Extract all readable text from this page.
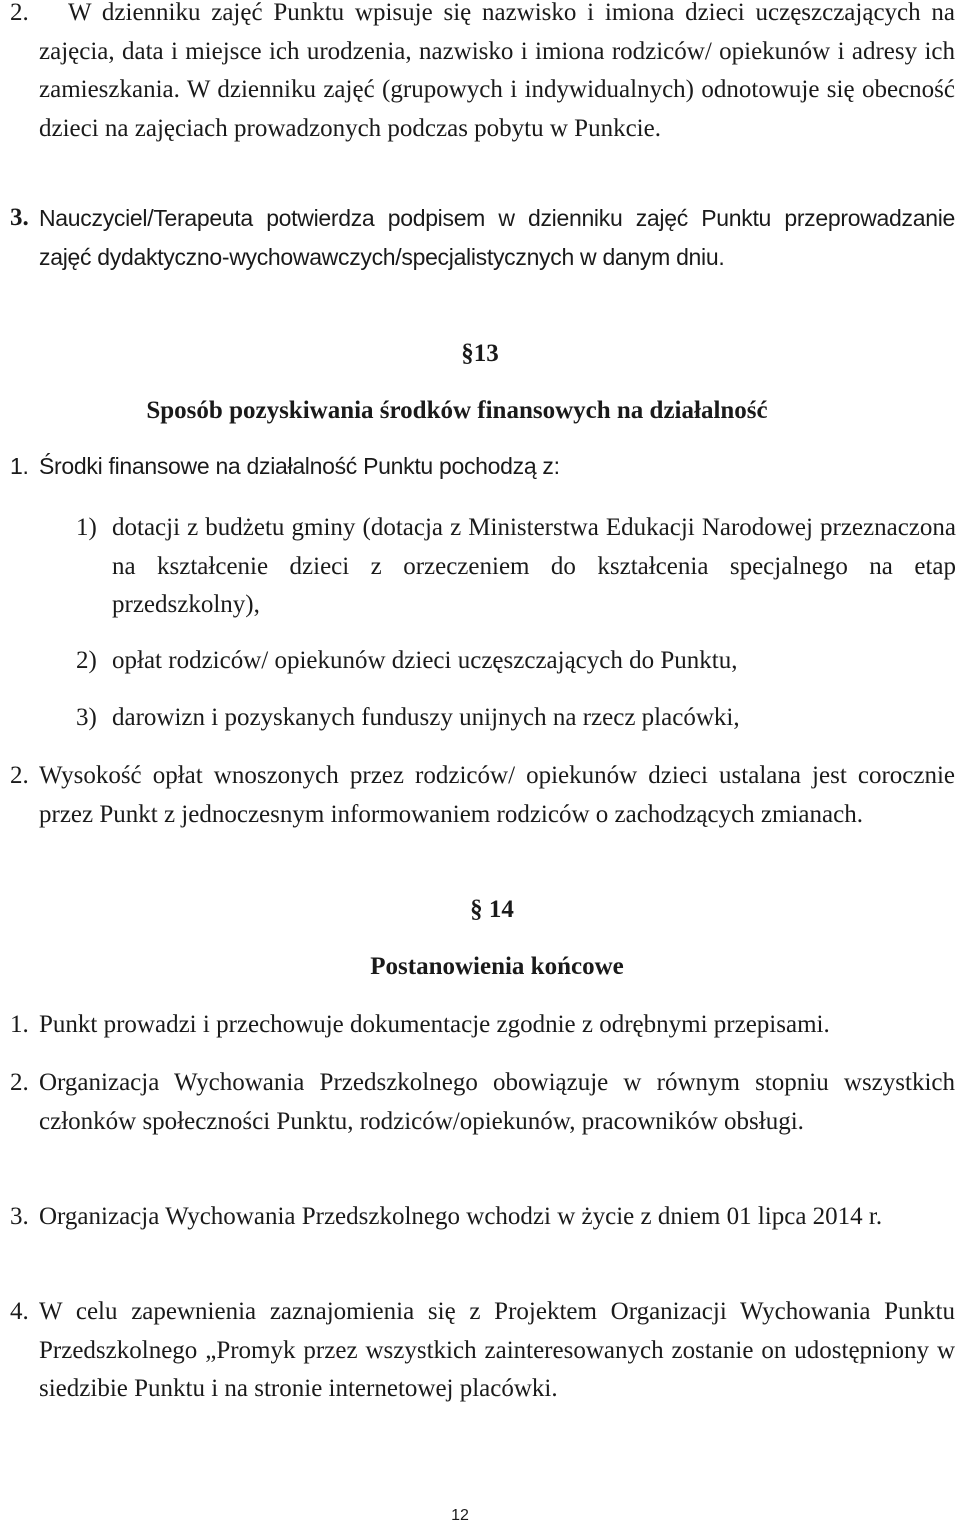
2.	W dzienniku zajęć Punktu wpisuje się nazwisko i imiona dzieci uczęszczających na zajęcia, data i miejsce ich urodzenia, nazwisko i imiona rodziców/ opiekunów i adresy ich zamieszkania. W dzienniku zajęć (grupowych i indywidualnych) odnotowuje się obecność dzieci na zajęciach prowadzonych podczas pobytu w Punkcie.
3. Nauczyciel/Terapeuta potwierdza podpisem w dzienniku zajęć Punktu przeprowadzanie zajęć dydaktyczno-wychowawczych/specjalistycznych w danym dniu.
§13
Sposób pozyskiwania środków finansowych na działalność
1. Środki finansowe na działalność Punktu pochodzą z:
1) dotacji z budżetu gminy (dotacja z Ministerstwa Edukacji Narodowej przeznaczona na kształcenie dzieci z orzeczeniem do kształcenia specjalnego na etap przedszkolny),
2) opłat rodziców/ opiekunów dzieci uczęszczających do Punktu,
3) darowizn i pozyskanych funduszy unijnych na rzecz placówki,
2. Wysokość opłat wnoszonych przez rodziców/ opiekunów dzieci ustalana jest corocznie przez Punkt z jednoczesnym informowaniem rodziców o zachodzących zmianach.
§ 14
Postanowienia końcowe
1. Punkt prowadzi i przechowuje dokumentacje zgodnie z odrębnymi przepisami.
2. Organizacja Wychowania Przedszkolnego obowiązuje w równym stopniu wszystkich członków społeczności Punktu, rodziców/opiekunów, pracowników obsługi.
3. Organizacja Wychowania Przedszkolnego wchodzi w życie z dniem 01 lipca 2014 r.
4. W celu zapewnienia zaznajomienia się z Projektem Organizacji Wychowania Punktu Przedszkolnego „Promyk przez wszystkich zainteresowanych zostanie on udostępniony w siedzibie Punktu i na stronie internetowej placówki.
12
